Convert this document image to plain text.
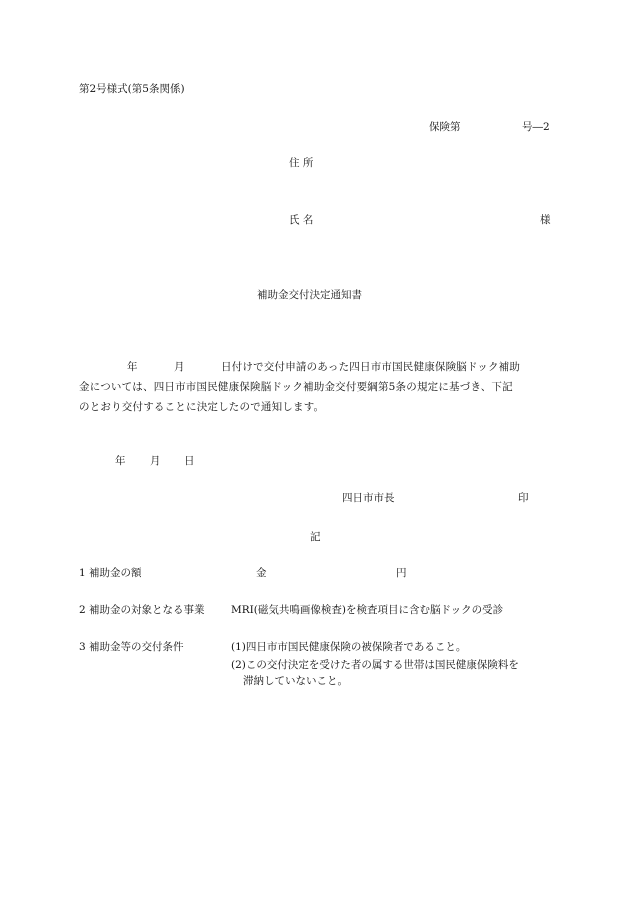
第2号様式(第5条関係)
保険第	号―2
住 所
氏 名	様
補助金交付決定通知書
年	月	日付けで交付申請のあった四日市市国民健康保険脳ドック補助
金については、四日市市国民健康保険脳ドック補助金交付要綱第5条の規定に基づき、下記
のとおり交付することに決定したので通知します。
年 月 日
四日市市長	印
記
1 補助金の額	金	円
2 補助金の対象となる事業	MRI(磁気共鳴画像検査)を検査項目に含む脳ドックの受診
3 補助金等の交付条件	(1)四日市市国民健康保険の被保険者であること。
(2)この交付決定を受けた者の属する世帯は国民健康保険料を
滞納していないこと。
